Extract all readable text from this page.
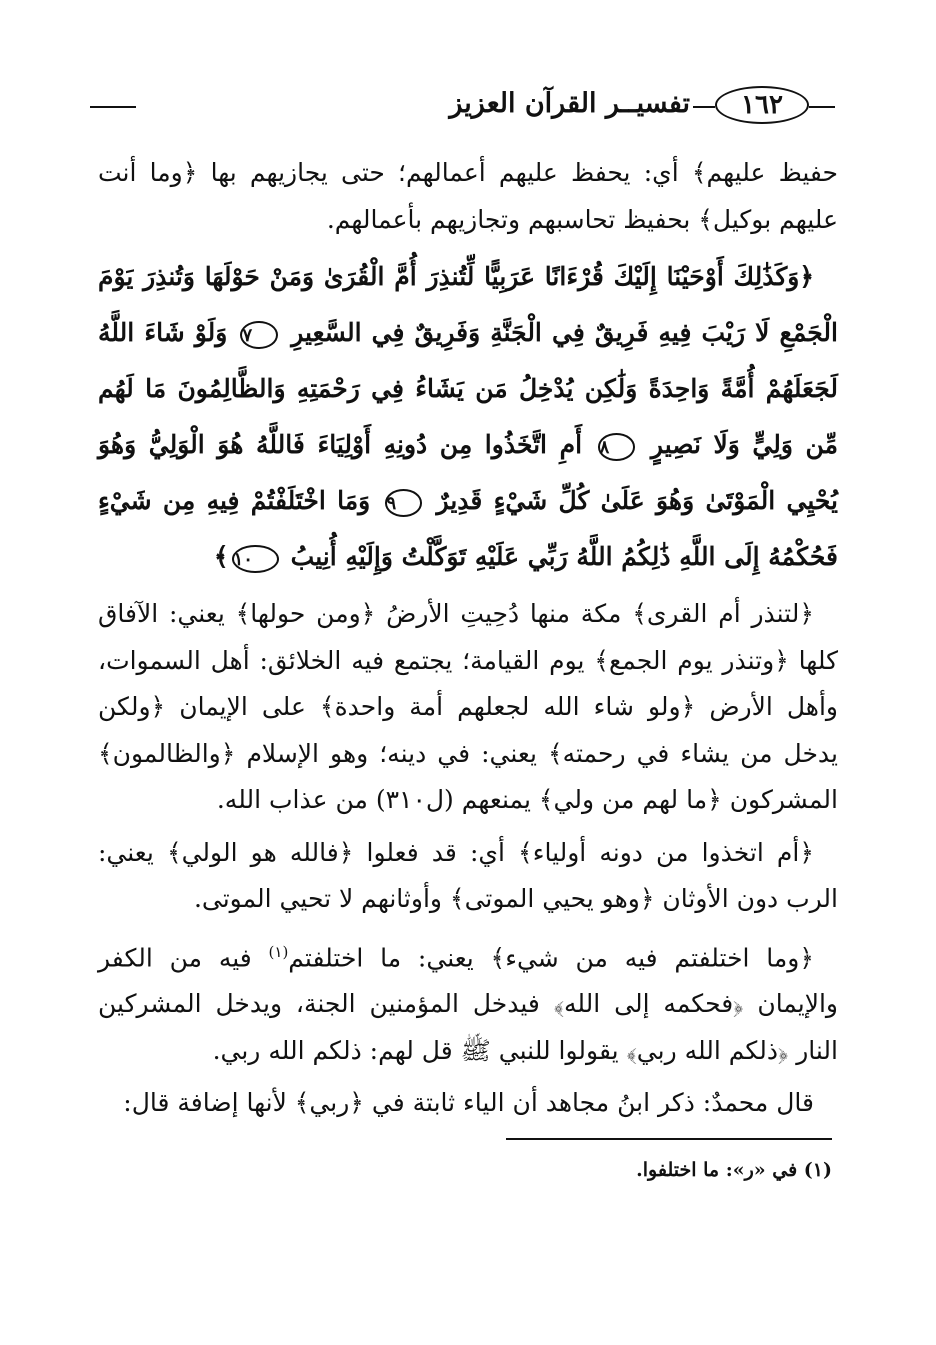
١٦٢
تفسيــر القرآن العزيز

حفيظ عليهم﴾ أي: يحفظ عليهم أعمالهم؛ حتى يجازيهم بها ﴿وما أنت عليهم بوكيل﴾ بحفيظ تحاسبهم وتجازيهم بأعمالهم.

﴿وَكَذَٰلِكَ أَوْحَيْنَا إِلَيْكَ قُرْءَانًا عَرَبِيًّا لِّتُنذِرَ أُمَّ الْقُرَىٰ وَمَنْ حَوْلَهَا وَتُنذِرَ يَوْمَ الْجَمْعِ لَا رَيْبَ فِيهِ فَرِيقٌ فِي الْجَنَّةِ وَفَرِيقٌ فِي السَّعِيرِ ٧ وَلَوْ شَاءَ اللَّهُ لَجَعَلَهُمْ أُمَّةً وَاحِدَةً وَلَٰكِن يُدْخِلُ مَن يَشَاءُ فِي رَحْمَتِهِ وَالظَّالِمُونَ مَا لَهُم مِّن وَلِيٍّ وَلَا نَصِيرٍ ٨ أَمِ اتَّخَذُوا مِن دُونِهِ أَوْلِيَاءَ فَاللَّهُ هُوَ الْوَلِيُّ وَهُوَ يُحْيِي الْمَوْتَىٰ وَهُوَ عَلَىٰ كُلِّ شَيْءٍ قَدِيرٌ ٩ وَمَا اخْتَلَفْتُمْ فِيهِ مِن شَيْءٍ فَحُكْمُهُ إِلَى اللَّهِ ذَٰلِكُمُ اللَّهُ رَبِّي عَلَيْهِ تَوَكَّلْتُ وَإِلَيْهِ أُنِيبُ ١٠﴾

﴿لتنذر أم القرى﴾ مكة منها دُحِيتِ الأرضُ ﴿ومن حولها﴾ يعني: الآفاق كلها ﴿وتنذر يوم الجمع﴾ يوم القيامة؛ يجتمع فيه الخلائق: أهل السموات، وأهل الأرض ﴿ولو شاء الله لجعلهم أمة واحدة﴾ على الإيمان ﴿ولكن يدخل من يشاء في رحمته﴾ يعني: في دينه؛ وهو الإسلام ﴿والظالمون﴾ المشركون ﴿ما لهم من ولي﴾ يمنعهم (ل٣١٠) من عذاب الله.

﴿أم اتخذوا من دونه أولياء﴾ أي: قد فعلوا ﴿فالله هو الولي﴾ يعني: الرب دون الأوثان ﴿وهو يحيي الموتى﴾ وأوثانهم لا تحيي الموتى.

﴿وما اختلفتم فيه من شيء﴾ يعني: ما اختلفتم$^{(١)}$ فيه من الكفر والإيمان ﴿فحكمه إلى الله﴾ فيدخل المؤمنين الجنة، ويدخل المشركين النار ﴿ذلكم الله ربي﴾ يقولوا للنبي ﷺ قل لهم: ذلكم الله ربي.

قال محمدٌ: ذكر ابنُ مجاهد أن الياء ثابتة في ﴿ربي﴾ لأنها إضافة قال:

(١) في «ر»: ما اختلفوا.
